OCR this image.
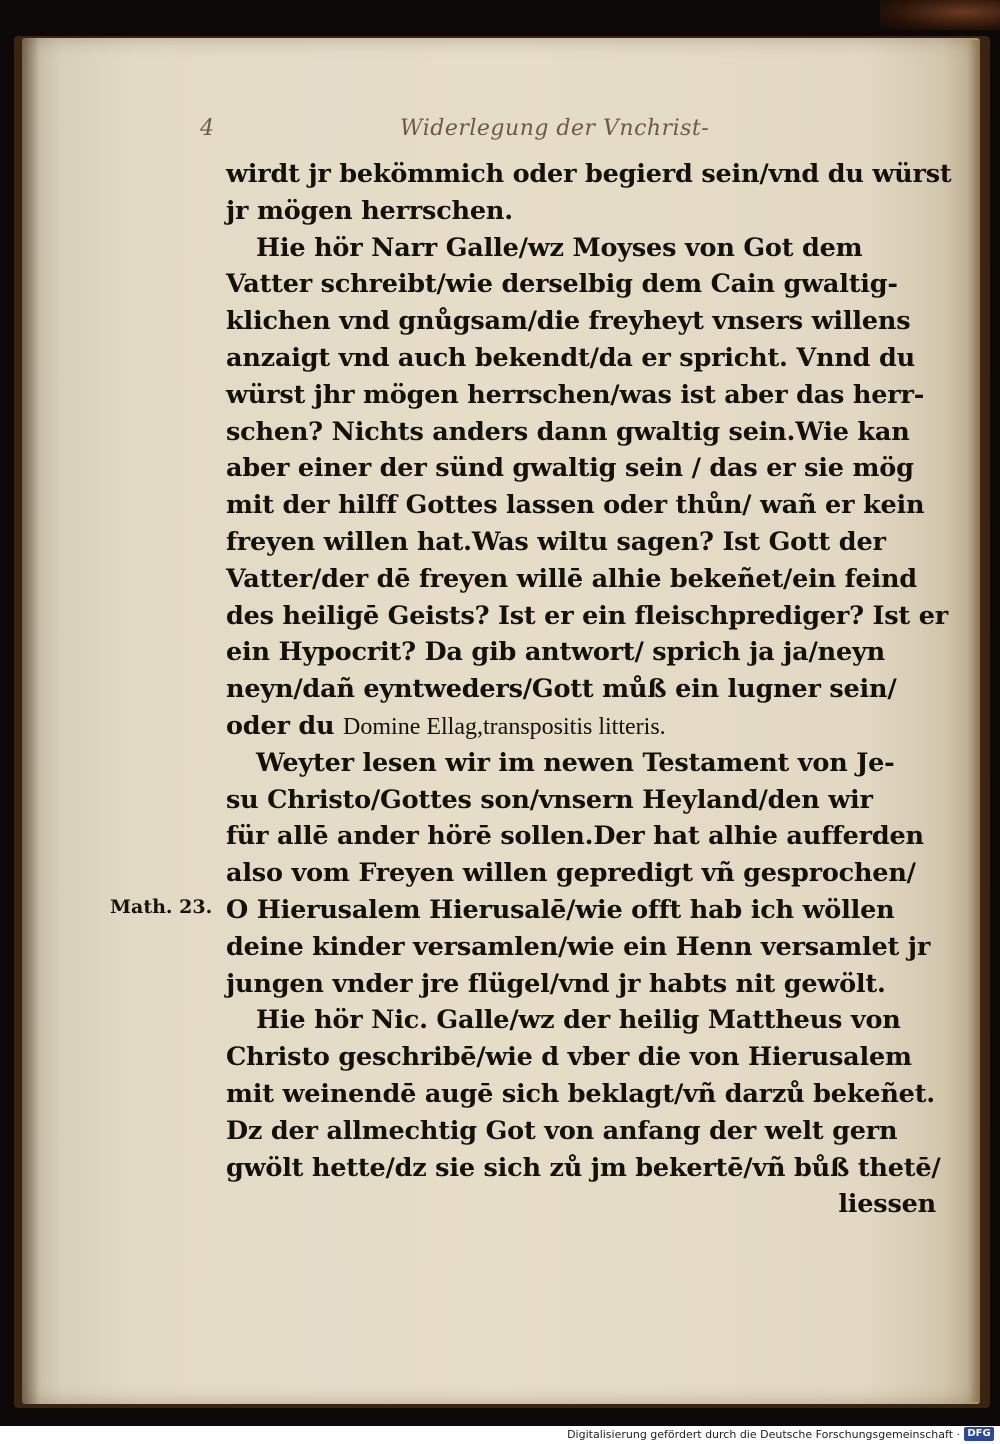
4	Widerlegung der Vnchrist-
Math. 23.
wirdt jr bekömmich oder begierd sein/vnd du würst
jr mögen herrschen.
Hie hör Narr Galle/wz Moyses von Got dem
Vatter schreibt/wie derselbig dem Cain gwaltig-
klichen vnd gnůgsam/die freyheyt vnsers willens
anzaigt vnd auch bekendt/da er spricht. Vnnd du
würst jhr mögen herrschen/was ist aber das herr-
schen? Nichts anders dann gwaltig sein.Wie kan
aber einer der sünd gwaltig sein / das er sie mög
mit der hilff Gottes lassen oder thůn/ wañ er kein
freyen willen hat.Was wiltu sagen? Ist Gott der
Vatter/der dē freyen willē alhie bekeñet/ein feind
des heiligē Geists? Ist er ein fleischprediger? Ist er
ein Hypocrit? Da gib antwort/ sprich ja ja/neyn
neyn/dañ eyntweders/Gott můß ein lugner sein/
oder du Domine Ellag,transpositis litteris.
Weyter lesen wir im newen Testament von Je-
su Christo/Gottes son/vnsern Heyland/den wir
für allē ander hörē sollen.Der hat alhie aufferden
also vom Freyen willen gepredigt vñ gesprochen/
O Hierusalem Hierusalē/wie offt hab ich wöllen
deine kinder versamlen/wie ein Henn versamlet jr
jungen vnder jre flügel/vnd jr habts nit gewölt.
Hie hör Nic. Galle/wz der heilig Mattheus von
Christo geschribē/wie d vber die von Hierusalem
mit weinendē augē sich beklagt/vñ darzů bekeñet.
Dz der allmechtig Got von anfang der welt gern
gwölt hette/dz sie sich zů jm bekertē/vñ bůß thetē/
liessen
Digitalisierung gefördert durch die Deutsche Forschungsgemeinschaft · DFG
